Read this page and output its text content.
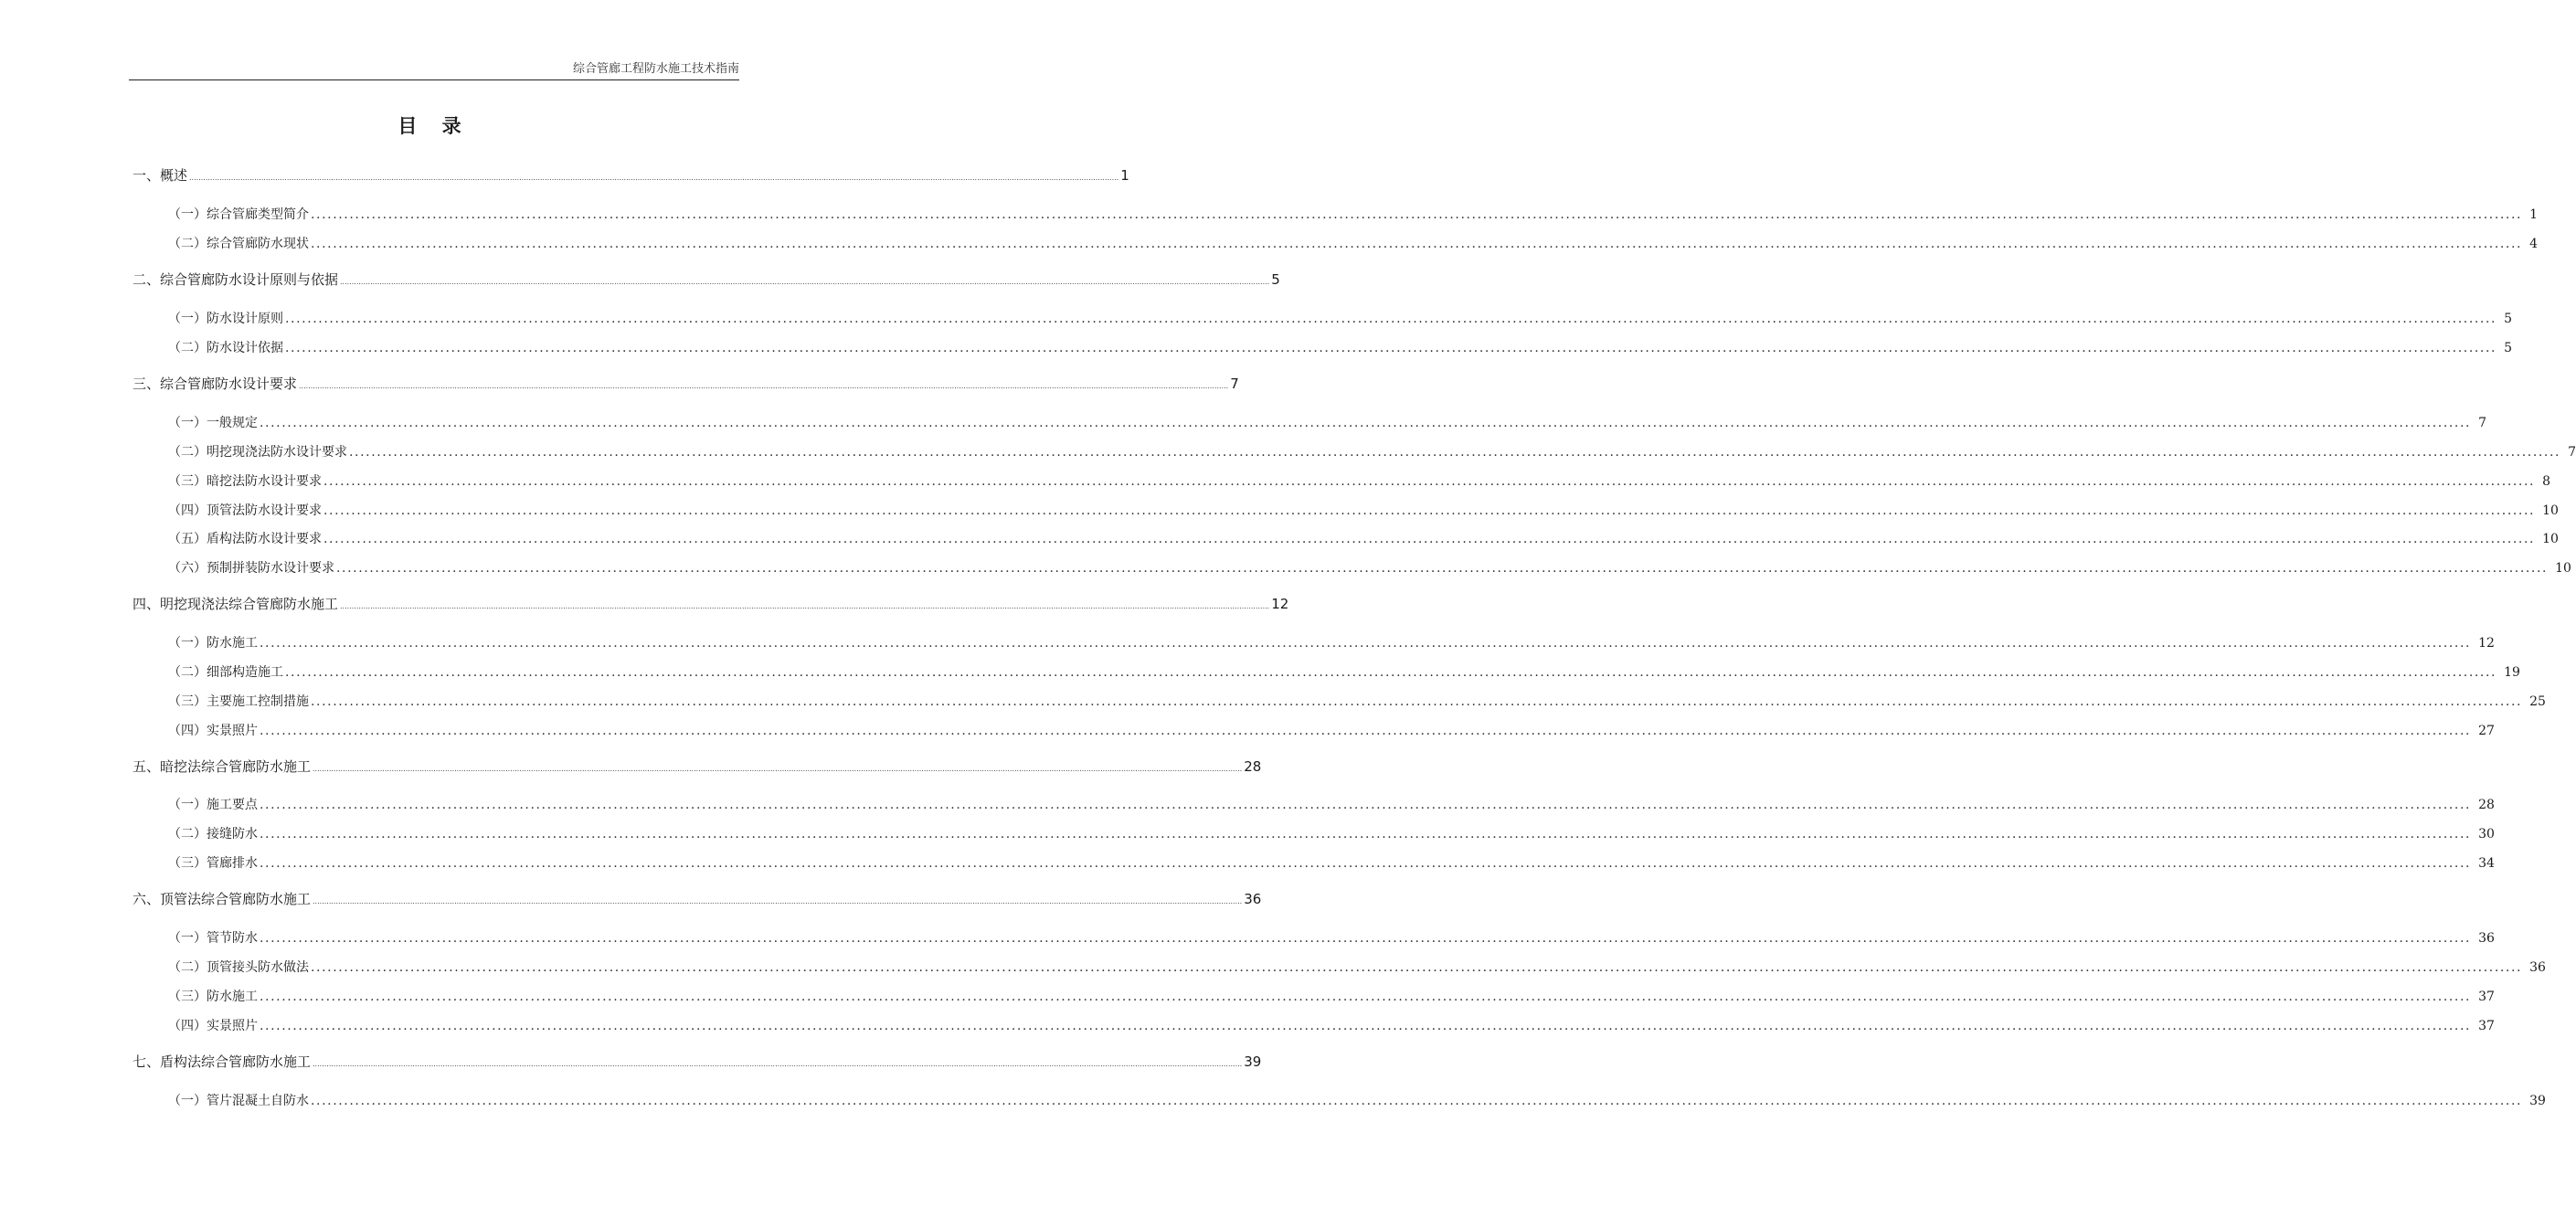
综合管廊工程防水施工技术指南
目 录
一、概述 ................................................................................................................................................................................................................................................................................................................................................................................................................ 1
（一）综合管廊类型简介 ................................................................................................................................................................................................................................................................................................................................................................................................................ 1
（二）综合管廊防水现状 ................................................................................................................................................................................................................................................................................................................................................................................................................ 4
二、综合管廊防水设计原则与依据 ................................................................................................................................................................................................................................................................................................................................................................................................................ 5
（一）防水设计原则 ................................................................................................................................................................................................................................................................................................................................................................................................................ 5
（二）防水设计依据 ................................................................................................................................................................................................................................................................................................................................................................................................................ 5
三、综合管廊防水设计要求 ................................................................................................................................................................................................................................................................................................................................................................................................................ 7
（一）一般规定 ................................................................................................................................................................................................................................................................................................................................................................................................................ 7
（二）明挖现浇法防水设计要求 ................................................................................................................................................................................................................................................................................................................................................................................................................ 7
（三）暗挖法防水设计要求 ................................................................................................................................................................................................................................................................................................................................................................................................................ 8
（四）顶管法防水设计要求 ................................................................................................................................................................................................................................................................................................................................................................................................................ 10
（五）盾构法防水设计要求 ................................................................................................................................................................................................................................................................................................................................................................................................................ 10
（六）预制拼装防水设计要求 ................................................................................................................................................................................................................................................................................................................................................................................................................ 10
四、明挖现浇法综合管廊防水施工 ................................................................................................................................................................................................................................................................................................................................................................................................................ 12
（一）防水施工 ................................................................................................................................................................................................................................................................................................................................................................................................................ 12
（二）细部构造施工 ................................................................................................................................................................................................................................................................................................................................................................................................................ 19
（三）主要施工控制措施 ................................................................................................................................................................................................................................................................................................................................................................................................................ 25
（四）实景照片 ................................................................................................................................................................................................................................................................................................................................................................................................................ 27
五、暗挖法综合管廊防水施工 ................................................................................................................................................................................................................................................................................................................................................................................................................ 28
（一）施工要点 ................................................................................................................................................................................................................................................................................................................................................................................................................ 28
（二）接缝防水 ................................................................................................................................................................................................................................................................................................................................................................................................................ 30
（三）管廊排水 ................................................................................................................................................................................................................................................................................................................................................................................................................ 34
六、顶管法综合管廊防水施工 ................................................................................................................................................................................................................................................................................................................................................................................................................ 36
（一）管节防水 ................................................................................................................................................................................................................................................................................................................................................................................................................ 36
（二）顶管接头防水做法 ................................................................................................................................................................................................................................................................................................................................................................................................................ 36
（三）防水施工 ................................................................................................................................................................................................................................................................................................................................................................................................................ 37
（四）实景照片 ................................................................................................................................................................................................................................................................................................................................................................................................................ 37
七、盾构法综合管廊防水施工 ................................................................................................................................................................................................................................................................................................................................................................................................................ 39
（一）管片混凝土自防水 ................................................................................................................................................................................................................................................................................................................................................................................................................ 39
